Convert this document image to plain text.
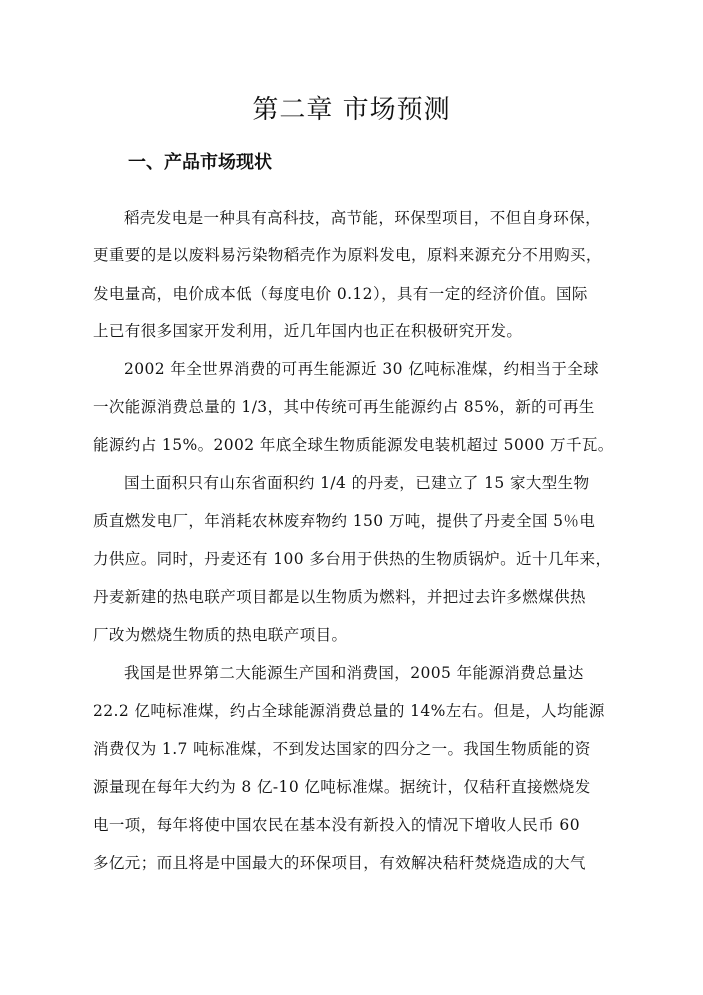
第二章 市场预测
一、产品市场现状
稻壳发电是一种具有高科技，高节能，环保型项目，不但自身环保，
更重要的是以废料易污染物稻壳作为原料发电，原料来源充分不用购买，
发电量高，电价成本低（每度电价 0.12），具有一定的经济价值。国际
上已有很多国家开发利用，近几年国内也正在积极研究开发。
2002 年全世界消费的可再生能源近 30 亿吨标准煤，约相当于全球
一次能源消费总量的 1/3，其中传统可再生能源约占 85%，新的可再生
能源约占 15%。2002 年底全球生物质能源发电装机超过 5000 万千瓦。
国土面积只有山东省面积约 1/4 的丹麦，已建立了 15 家大型生物
质直燃发电厂，年消耗农林废弃物约 150 万吨，提供了丹麦全国 5％电
力供应。同时，丹麦还有 100 多台用于供热的生物质锅炉。近十几年来，
丹麦新建的热电联产项目都是以生物质为燃料，并把过去许多燃煤供热
厂改为燃烧生物质的热电联产项目。
我国是世界第二大能源生产国和消费国，2005 年能源消费总量达
22.2 亿吨标准煤，约占全球能源消费总量的 14%左右。但是，人均能源
消费仅为 1.7 吨标准煤，不到发达国家的四分之一。我国生物质能的资
源量现在每年大约为 8 亿-10 亿吨标准煤。据统计，仅秸秆直接燃烧发
电一项，每年将使中国农民在基本没有新投入的情况下增收人民币 60
多亿元；而且将是中国最大的环保项目，有效解决秸秆焚烧造成的大气
